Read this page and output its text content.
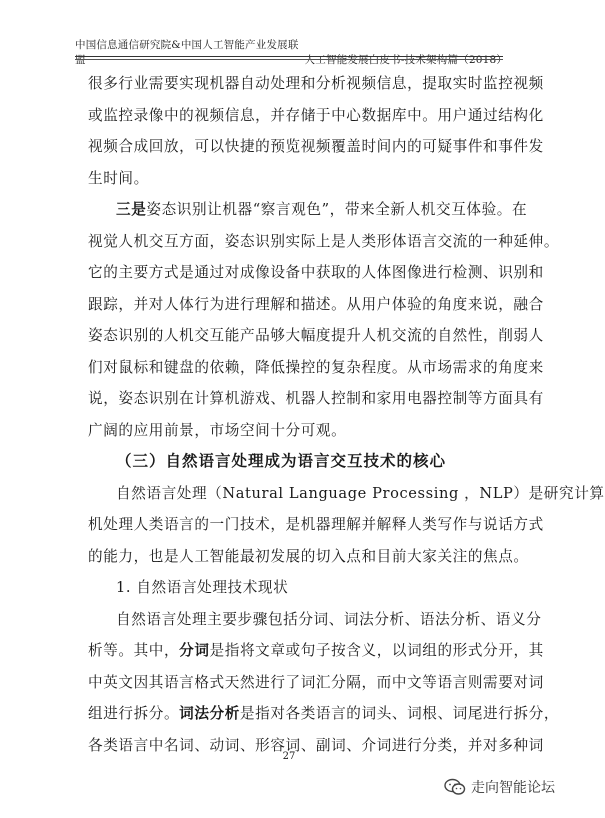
中国信息通信研究院&中国人工智能产业发展联盟	人工智能发展白皮书-技术架构篇（2018）
很多行业需要实现机器自动处理和分析视频信息，提取实时监控视频
或监控录像中的视频信息，并存储于中心数据库中。用户通过结构化
视频合成回放，可以快捷的预览视频覆盖时间内的可疑事件和事件发
生时间。
三是姿态识别让机器“察言观色”，带来全新人机交互体验。在
视觉人机交互方面，姿态识别实际上是人类形体语言交流的一种延伸。
它的主要方式是通过对成像设备中获取的人体图像进行检测、识别和
跟踪，并对人体行为进行理解和描述。从用户体验的角度来说，融合
姿态识别的人机交互能产品够大幅度提升人机交流的自然性，削弱人
们对鼠标和键盘的依赖，降低操控的复杂程度。从市场需求的角度来
说，姿态识别在计算机游戏、机器人控制和家用电器控制等方面具有
广阔的应用前景，市场空间十分可观。
（三）自然语言处理成为语言交互技术的核心
自然语言处理（Natural Language Processing ，NLP）是研究计算
机处理人类语言的一门技术，是机器理解并解释人类写作与说话方式
的能力，也是人工智能最初发展的切入点和目前大家关注的焦点。
1. 自然语言处理技术现状
自然语言处理主要步骤包括分词、词法分析、语法分析、语义分
析等。其中，分词是指将文章或句子按含义，以词组的形式分开，其
中英文因其语言格式天然进行了词汇分隔，而中文等语言则需要对词
组进行拆分。词法分析是指对各类语言的词头、词根、词尾进行拆分，
各类语言中名词、动词、形容词、副词、介词进行分类，并对多种词
27
走向智能论坛
